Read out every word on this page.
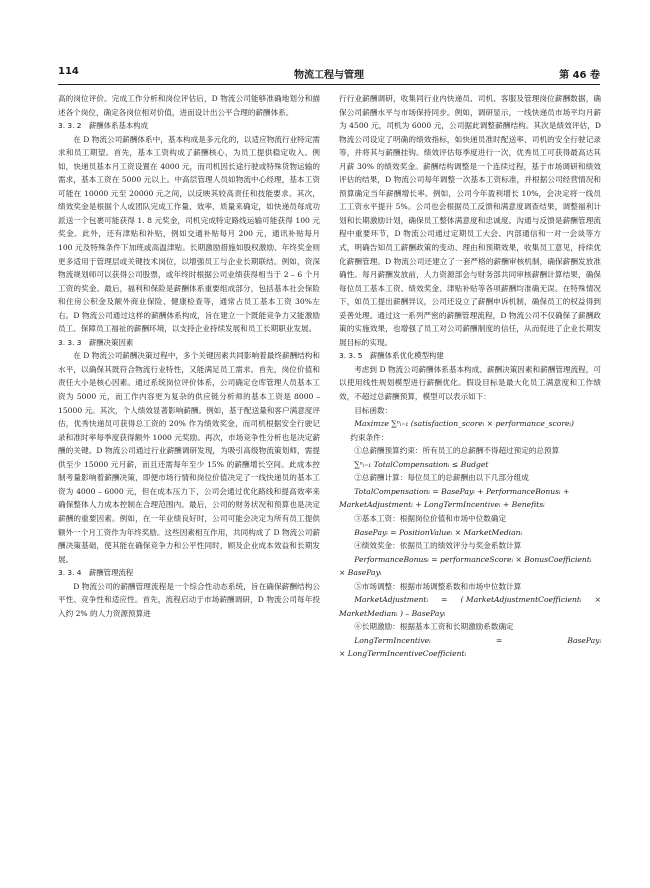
114	物流工程与管理	第 46 卷

高的岗位评价。完成工作分析和岗位评估后，D 物流公司能够准确地划分和描述各个岗位，确定各岗位相对价值，进而设计出公平合理的薪酬体系。

3. 3. 2　薪酬体系基本构成

在 D 物流公司薪酬体系中，基本构成是多元化的，以适应物流行业特定需求和员工期望。首先，基本工资构成了薪酬核心，为员工提供稳定收入。例如，快递员基本月工资设置在 4000 元，而司机因长途行驶或特殊货物运输的需求，基本工资在 5000 元以上。中高层管理人员如物流中心经理，基本工资可能在 10000 元至 20000 元之间，以反映其较高责任和技能要求。其次，绩效奖金是根据个人或团队完成工作量、效率、质量来确定，如快递员每成功派送一个包裹可能获得 1. 8 元奖金，司机完成特定路线运输可能获得 100 元奖金。此外，还有津贴和补贴，例如交通补贴每月 200 元，通讯补贴每月 100 元及特殊条件下加班或高温津贴。长期激励措施如股权激励、年终奖金则更多适用于管理层或关键技术岗位，以增强员工与企业长期联结。例如，资深物流规划师可以获得公司股票，或年终时根据公司业绩获得相当于 2 – 6 个月工资的奖金。最后，福利和保险是薪酬体系重要组成部分，包括基本社会保险和住房公积金及额外商业保险、健康检查等，通常占员工基本工资 30%左右。D 物流公司通过这样的薪酬体系构成，旨在建立一个既能竞争力又能激励员工、保障员工福祉的薪酬环境，以支持企业持续发展和员工长期职业发展。

3. 3. 3　薪酬决策因素

在 D 物流公司薪酬决策过程中，多个关键因素共同影响着最终薪酬结构和水平，以确保其既符合物流行业特性，又能满足员工需求。首先，岗位价值和责任大小是核心因素。通过系统岗位评价体系，公司确定仓库管理人员基本工资为 5000 元，而工作内容更为复杂的供应链分析师的基本工资是 8000 – 15000 元。其次，个人绩效显著影响薪酬。例如，基于配送量和客户满意度评估，优秀快递员可获得总工资的 20% 作为绩效奖金，而司机根据安全行驶记录和准时率每季度获得额外 1000 元奖励。再次，市场竞争性分析也是决定薪酬的关键。D 物流公司通过行业薪酬调研发现，为吸引高级物流策划师，需提供至少 15000 元月薪，而且还需每年至少 15% 的薪酬增长空间。此成本控制考量影响着薪酬决策，即便市场行情和岗位价值决定了一线快递员的基本工资为 4000 – 6000 元，但在成本压力下，公司会通过优化路线和提高效率来确保整体人力成本控制在合理范围内。最后，公司的财务状况和预算也是决定薪酬的重要因素。例如，在一年业绩良好时，公司可能会决定为所有员工提供额外一个月工资作为年终奖励。这些因素相互作用，共同构成了 D 物流公司薪酬决策基础，使其能在确保竞争力和公平性同时，顾及企业成本效益和长期发展。

3. 3. 4　薪酬管理流程

D 物流公司的薪酬管理流程是一个综合性动态系统，旨在确保薪酬结构公平性、竞争性和适应性。首先，流程启动于市场薪酬调研，D 物流公司每年投入约 2% 的人力资源预算进

行行业薪酬调研，收集同行业内快递员、司机、客服及管理岗位薪酬数据，确保公司薪酬水平与市场保持同步。例如，调研显示，一线快递员市场平均月薪为 4500 元，司机为 6000 元，公司据此调整薪酬结构。其次是绩效评估，D 物流公司设定了明确的绩效指标，如快递员准时配送率、司机的安全行驶记录等，并将其与薪酬挂钩。绩效评估每季度进行一次，优秀员工可获得最高达其月薪 30% 的绩效奖金。薪酬结构调整是一个连续过程，基于市场调研和绩效评估的结果，D 物流公司每年调整一次基本工资标准，并根据公司经营情况和预算确定当年薪酬增长率。例如，公司今年盈利增长 10%，会决定将一线员工工资水平提升 5%。公司也会根据员工反馈和满意度调查结果，调整福利计划和长期激励计划，确保员工整体满意度和忠诚度。沟通与反馈是薪酬管理流程中重要环节，D 物流公司通过定期员工大会、内部通信和一对一会谈等方式，明确告知员工薪酬政策的变动、理由和预期效果，收集员工意见，持续优化薪酬管理。D 物流公司还建立了一套严格的薪酬审核机制，确保薪酬发放准确性。每月薪酬发放前，人力资源部会与财务部共同审核薪酬计算结果，确保每位员工基本工资、绩效奖金、津贴补贴等各项薪酬均准确无误。在特殊情况下，如员工提出薪酬异议，公司还设立了薪酬申诉机制，确保员工的权益得到妥善处理。通过这一系列严密的薪酬管理流程，D 物流公司不仅确保了薪酬政策的实施效果，也增强了员工对公司薪酬制度的信任，从而促进了企业长期发展目标的实现。

3. 3. 5　薪酬体系优化模型构建

考虑到 D 物流公司薪酬体系基本构成、薪酬决策因素和薪酬管理流程，可以使用线性规划模型进行薪酬优化。假设目标是最大化员工满意度和工作绩效，不超过总薪酬预算，模型可以表示如下：

目标函数：
Maximze ∑ⁿᵢ₌₁ (satisfaction_scoreᵢ × performance_scoreᵢ)
约束条件：
①总薪酬预算约束：所有员工的总薪酬不得超过预定的总预算
∑ⁿᵢ₌₁ TotalCompensationᵢ ≤ Budget
②总薪酬计算：每位员工的总薪酬由以下几部分组成
TotalCompensationᵢ = BasePayᵢ + PerformanceBonusᵢ +
MarketAdjustmentᵢ + LongTermIncentiveᵢ + Benefitsᵢ
③基本工资：根据岗位价值和市场中位数确定
BasePayᵢ = PositionValueᵢ × MarketMedianᵢ
④绩效奖金：依据员工的绩效评分与奖金系数计算
PerformanceBonusᵢ = performanceScoreᵢ × BonusCoefficientᵢ
× BasePayᵢ
⑤市场调整：根据市场调整系数和市场中位数计算
MarketAdjustmentᵢ = ( MarketAdjustmentCoefficientᵢ ×
MarketMedianᵢ ) – BasePayᵢ
⑥长期激励：根据基本工资和长期激励系数确定
LongTermIncentiveᵢ	=	BasePayᵢ
× LongTermIncentiveCoefficientᵢ
